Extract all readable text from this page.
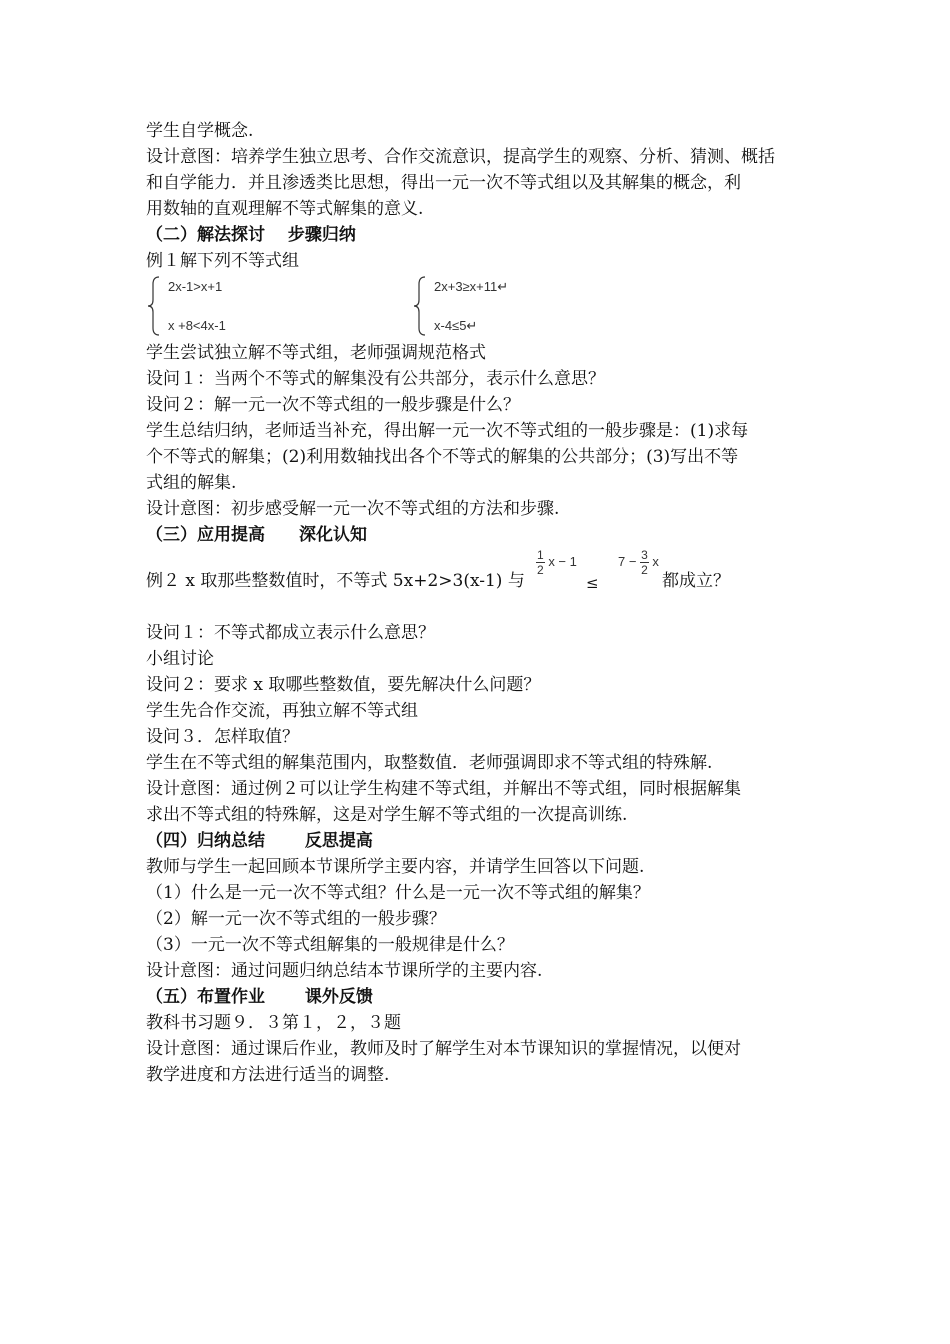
学生自学概念.
设计意图：培养学生独立思考、合作交流意识，提高学生的观察、分析、猜测、概括
和自学能力．并且渗透类比思想，得出一元一次不等式组以及其解集的概念，利
用数轴的直观理解不等式解集的意义.
（二）解法探讨　 步骤归纳
例１解下列不等式组
2x-1>x+1
x +8<4x-1
2x+3≥x+11↵
x-4≤5↵
学生尝试独立解不等式组，老师强调规范格式
设问１：当两个不等式的解集没有公共部分，表示什么意思？
设问２：解一元一次不等式组的一般步骤是什么？
学生总结归纳，老师适当补充，得出解一元一次不等式组的一般步骤是：(1)求每
个不等式的解集；(2)利用数轴找出各个不等式的解集的公共部分；(3)写出不等
式组的解集.
设计意图：初步感受解一元一次不等式组的方法和步骤.
（三）应用提高　　深化认知
例２ x 取那些整数值时，不等式 5x+2>3(x-1) 与
$\frac{1}{2}$ x − 1
≤
$7 - \frac{3}{2}$ x
都成立？
设问１：不等式都成立表示什么意思？
小组讨论
设问２：要求 x 取哪些整数值，要先解决什么问题？
学生先合作交流，再独立解不等式组
设问３．怎样取值？
学生在不等式组的解集范围内，取整数值．老师强调即求不等式组的特殊解.
设计意图：通过例２可以让学生构建不等式组，并解出不等式组，同时根据解集
求出不等式组的特殊解，这是对学生解不等式组的一次提高训练.
（四）归纳总结　　 反思提高
教师与学生一起回顾本节课所学主要内容，并请学生回答以下问题.
（1）什么是一元一次不等式组？什么是一元一次不等式组的解集？
（2）解一元一次不等式组的一般步骤？
（3）一元一次不等式组解集的一般规律是什么？
设计意图：通过问题归纳总结本节课所学的主要内容.
（五）布置作业　　 课外反馈
教科书习题９．３第１，２，３题
设计意图：通过课后作业，教师及时了解学生对本节课知识的掌握情况，以便对
教学进度和方法进行适当的调整.
